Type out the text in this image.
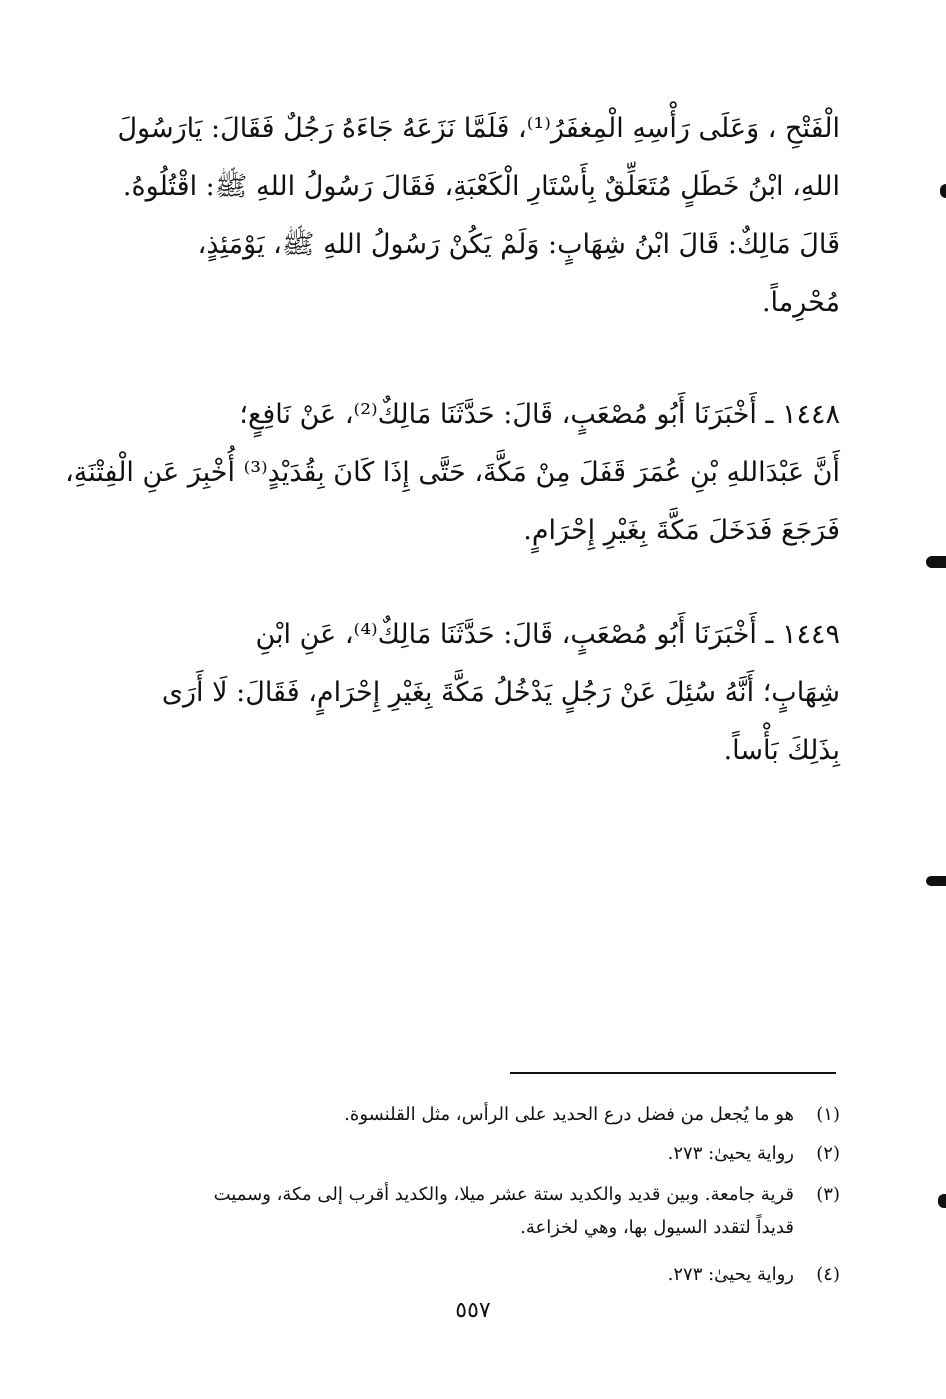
الْفَتْحِ ، وَعَلَى رَأْسِهِ الْمِغفَرُ⁽¹⁾، فَلَمَّا نَزَعَهُ جَاءَهُ رَجُلٌ فَقَالَ: يَارَسُولَ
اللهِ، ابْنُ خَطَلٍ مُتَعَلِّقٌ بِأَسْتَارِ الْكَعْبَةِ، فَقَالَ رَسُولُ اللهِ ﷺ: اقْتُلُوهُ.
قَالَ مَالِكٌ: قَالَ ابْنُ شِهَابٍ: وَلَمْ يَكُنْ رَسُولُ اللهِ ﷺ، يَوْمَئِذٍ،
مُحْرِماً.
١٤٤٨ ـ أَخْبَرَنَا أَبُو مُصْعَبٍ، قَالَ: حَدَّثَنَا مَالِكٌ⁽²⁾، عَنْ نَافِعٍ؛
أَنَّ عَبْدَاللهِ بْنِ عُمَرَ قَفَلَ مِنْ مَكَّةَ، حَتَّى إِذَا كَانَ بِقُدَيْدٍ⁽³⁾ أُخْبِرَ عَنِ الْفِتْنَةِ،
فَرَجَعَ فَدَخَلَ مَكَّةَ بِغَيْرِ إِحْرَامٍ.
١٤٤٩ ـ أَخْبَرَنَا أَبُو مُصْعَبٍ، قَالَ: حَدَّثَنَا مَالِكٌ⁽⁴⁾، عَنِ ابْنِ
شِهَابٍ؛ أَنَّهُ سُئِلَ عَنْ رَجُلٍ يَدْخُلُ مَكَّةَ بِغَيْرِ إِحْرَامٍ، فَقَالَ: لَا أَرَى
بِذَلِكَ بَأْساً.
(١)
هو ما يُجعل من فضل درع الحديد على الرأس، مثل القلنسوة.
(٢)
رواية يحيىٰ: ٢٧٣.
(٣)
قرية جامعة. وبين قديد والكديد ستة عشر ميلا، والكديد أقرب إلى مكة، وسميت
قديداً لتقدد السيول بها، وهي لخزاعة.
(٤)
رواية يحيىٰ: ٢٧٣.
٥٥٧
